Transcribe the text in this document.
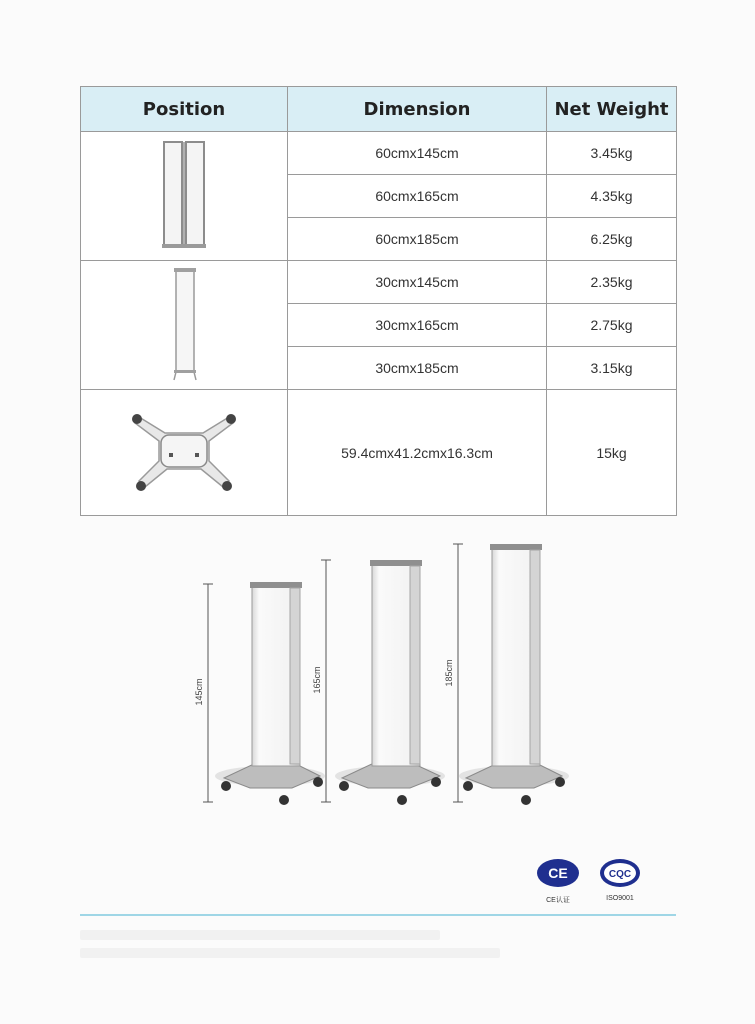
Position	Dimension	Net Weight
	60cmx145cm	3.45kg
	60cmx165cm	4.35kg
	60cmx185cm	6.25kg
	30cmx145cm	2.35kg
	30cmx165cm	2.75kg
	30cmx185cm	3.15kg
	59.4cmx41.2cmx16.3cm	15kg
145cm	165cm	185cm
CE
CE认证
CQC
ISO9001
